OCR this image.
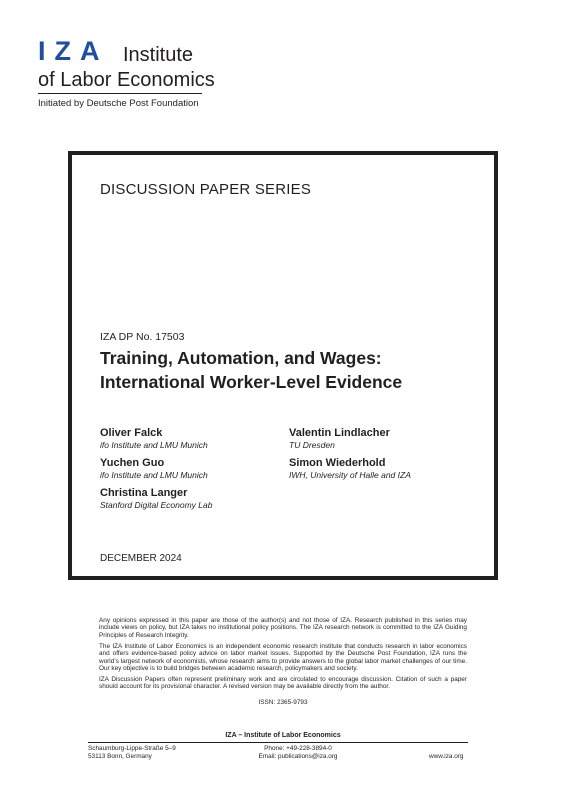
IZA Institute
of Labor Economics
Initiated by Deutsche Post Foundation
DISCUSSION PAPER SERIES
IZA DP No. 17503
Training, Automation, and Wages:
International Worker-Level Evidence
Oliver Falck
ifo Institute and LMU Munich
Yuchen Guo
ifo Institute and LMU Munich
Christina Langer
Stanford Digital Economy Lab
Valentin Lindlacher
TU Dresden
Simon Wiederhold
IWH, University of Halle and IZA
DECEMBER 2024
Any opinions expressed in this paper are those of the author(s) and not those of IZA. Research published in this series may include views on policy, but IZA takes no institutional policy positions. The IZA research network is committed to the IZA Guiding Principles of Research Integrity.
The IZA Institute of Labor Economics is an independent economic research institute that conducts research in labor economics and offers evidence-based policy advice on labor market issues. Supported by the Deutsche Post Foundation, IZA runs the world’s largest network of economists, whose research aims to provide answers to the global labor market challenges of our time. Our key objective is to build bridges between academic research, policymakers and society.
IZA Discussion Papers often represent preliminary work and are circulated to encourage discussion. Citation of such a paper should account for its provisional character. A revised version may be available directly from the author.
ISSN: 2365-9793
IZA – Institute of Labor Economics
Schaumburg-Lippe-Straße 5–9
53113 Bonn, Germany
Phone: +49-228-3894-0
Email: publications@iza.org	www.iza.org
